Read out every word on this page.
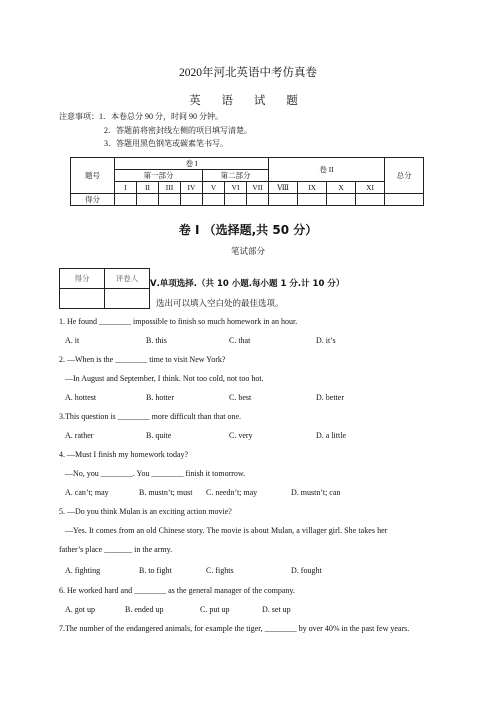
2020年河北英语中考仿真卷
英 语 试 题
注意事项：1．本卷总分 90 分，时间 90 分钟。
2．答题前将密封线左侧的项目填写清楚。
3．答题用黑色钢笔或碳素笔书写。
题号	卷 I							卷 II				总分
	第一部分				第二部分							
	I	II	III	IV	V	VI	VII	Ⅷ	IX	X	XI	
得分												
卷 I （选择题,共 50 分）
笔试部分
得分	评卷人

Ⅴ.单项选择.（共 10 小题.每小题 1 分.计 10 分）
选出可以填入空白处的最佳选项。
1. He found ________ impossible to finish so much homework in an hour.
A. it	B. this	C. that	D. it’s
2. —When is the ________ time to visit New York?
—In August and September, I think. Not too cold, not too hot.
A. hottest	B. hotter	C. best	D. better
3.This question is ________ more difficult than that one.
A. rather	B. quite	C. very	D. a little
4. —Must I finish my homework today?
—No, you ________. You ________ finish it tomorrow.
A. can’t; may	B. mustn’t; must C. needn’t; may	D. mustn’t; can
5. —Do you think Mulan is an exciting action movie?
—Yes. It comes from an old Chinese story. The movie is about Mulan, a villager girl. She takes her
father’s place _______ in the army.
A. fighting	B. to fight	C. fights	D. fought
6. He worked hard and ________ as the general manager of the company.
A. got up	B. ended up	C. put up	D. set up
7.The number of the endangered animals, for example the tiger, ________ by over 40% in the past few years.
